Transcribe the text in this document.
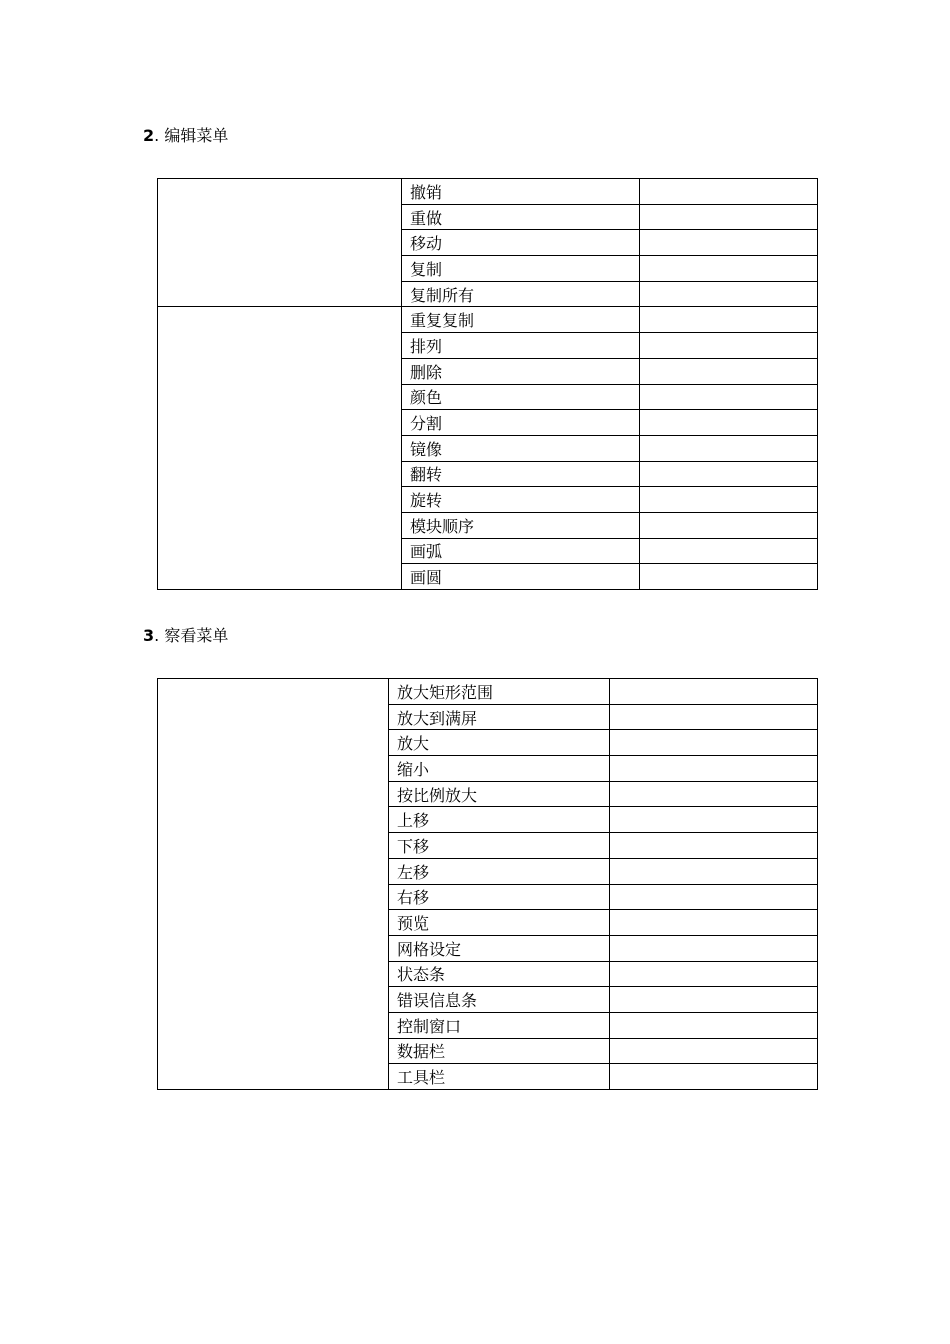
2. 编辑菜单
	撤销	
	重做	
	移动	
	复制	
	复制所有	
	重复复制	
	排列	
	删除	
	颜色	
	分割	
	镜像	
	翻转	
	旋转	
	模块顺序	
	画弧	
	画圆	
3. 察看菜单
	放大矩形范围	
	放大到满屏	
	放大	
	缩小	
	按比例放大	
	上移	
	下移	
	左移	
	右移	
	预览	
	网格设定	
	状态条	
	错误信息条	
	控制窗口	
	数据栏	
	工具栏	
